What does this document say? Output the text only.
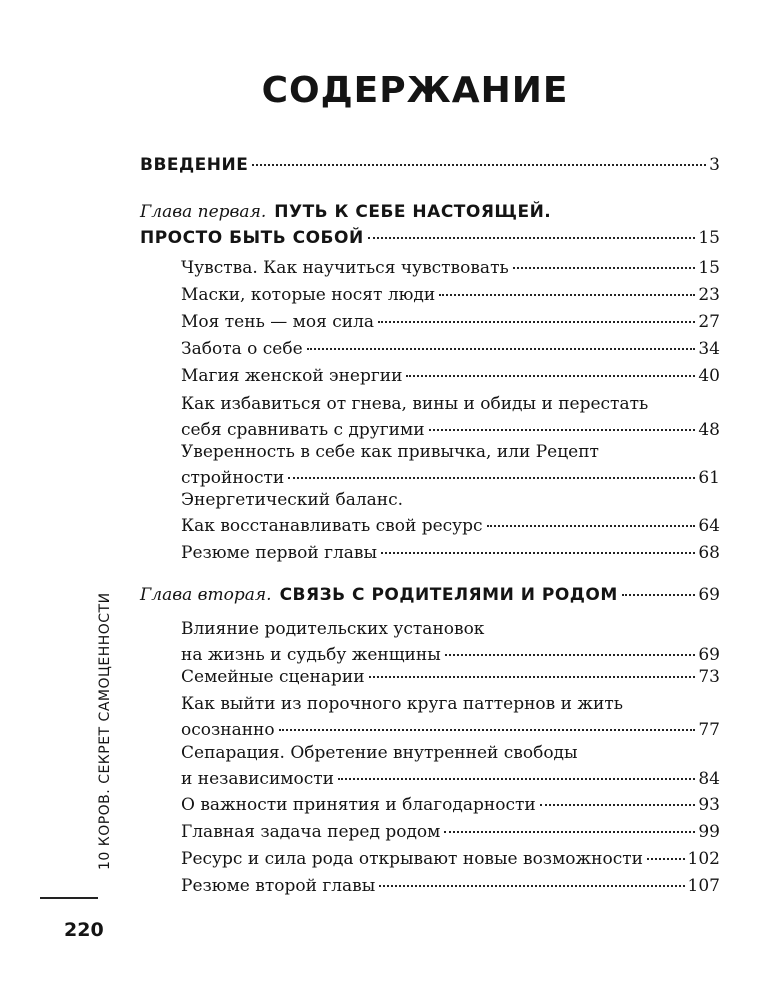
СОДЕРЖАНИЕ
ВВЕДЕНИЕ	3
Глава первая. ПУТЬ К СЕБЕ НАСТОЯЩЕЙ.
ПРОСТО БЫТЬ СОБОЙ	15
Чувства. Как научиться чувствовать	15
Маски, которые носят люди	23
Моя тень — моя сила	27
Забота о себе	34
Магия женской энергии	40
Как избавиться от гнева, вины и обиды и перестать
себя сравнивать с другими	48
Уверенность в себе как привычка, или Рецепт
стройности	61
Энергетический баланс.
Как восстанавливать свой ресурс	64
Резюме первой главы	68
Глава вторая. СВЯЗЬ С РОДИТЕЛЯМИ И РОДОМ	69
Влияние родительских установок
на жизнь и судьбу женщины	69
Семейные сценарии	73
Как выйти из порочного круга паттернов и жить
осознанно	77
Сепарация. Обретение внутренней свободы
и независимости	84
О важности принятия и благодарности	93
Главная задача перед родом	99
Ресурс и сила рода открывают новые возможности	102
Резюме второй главы	107
10 КОРОВ. СЕКРЕТ САМОЦЕННОСТИ
220
